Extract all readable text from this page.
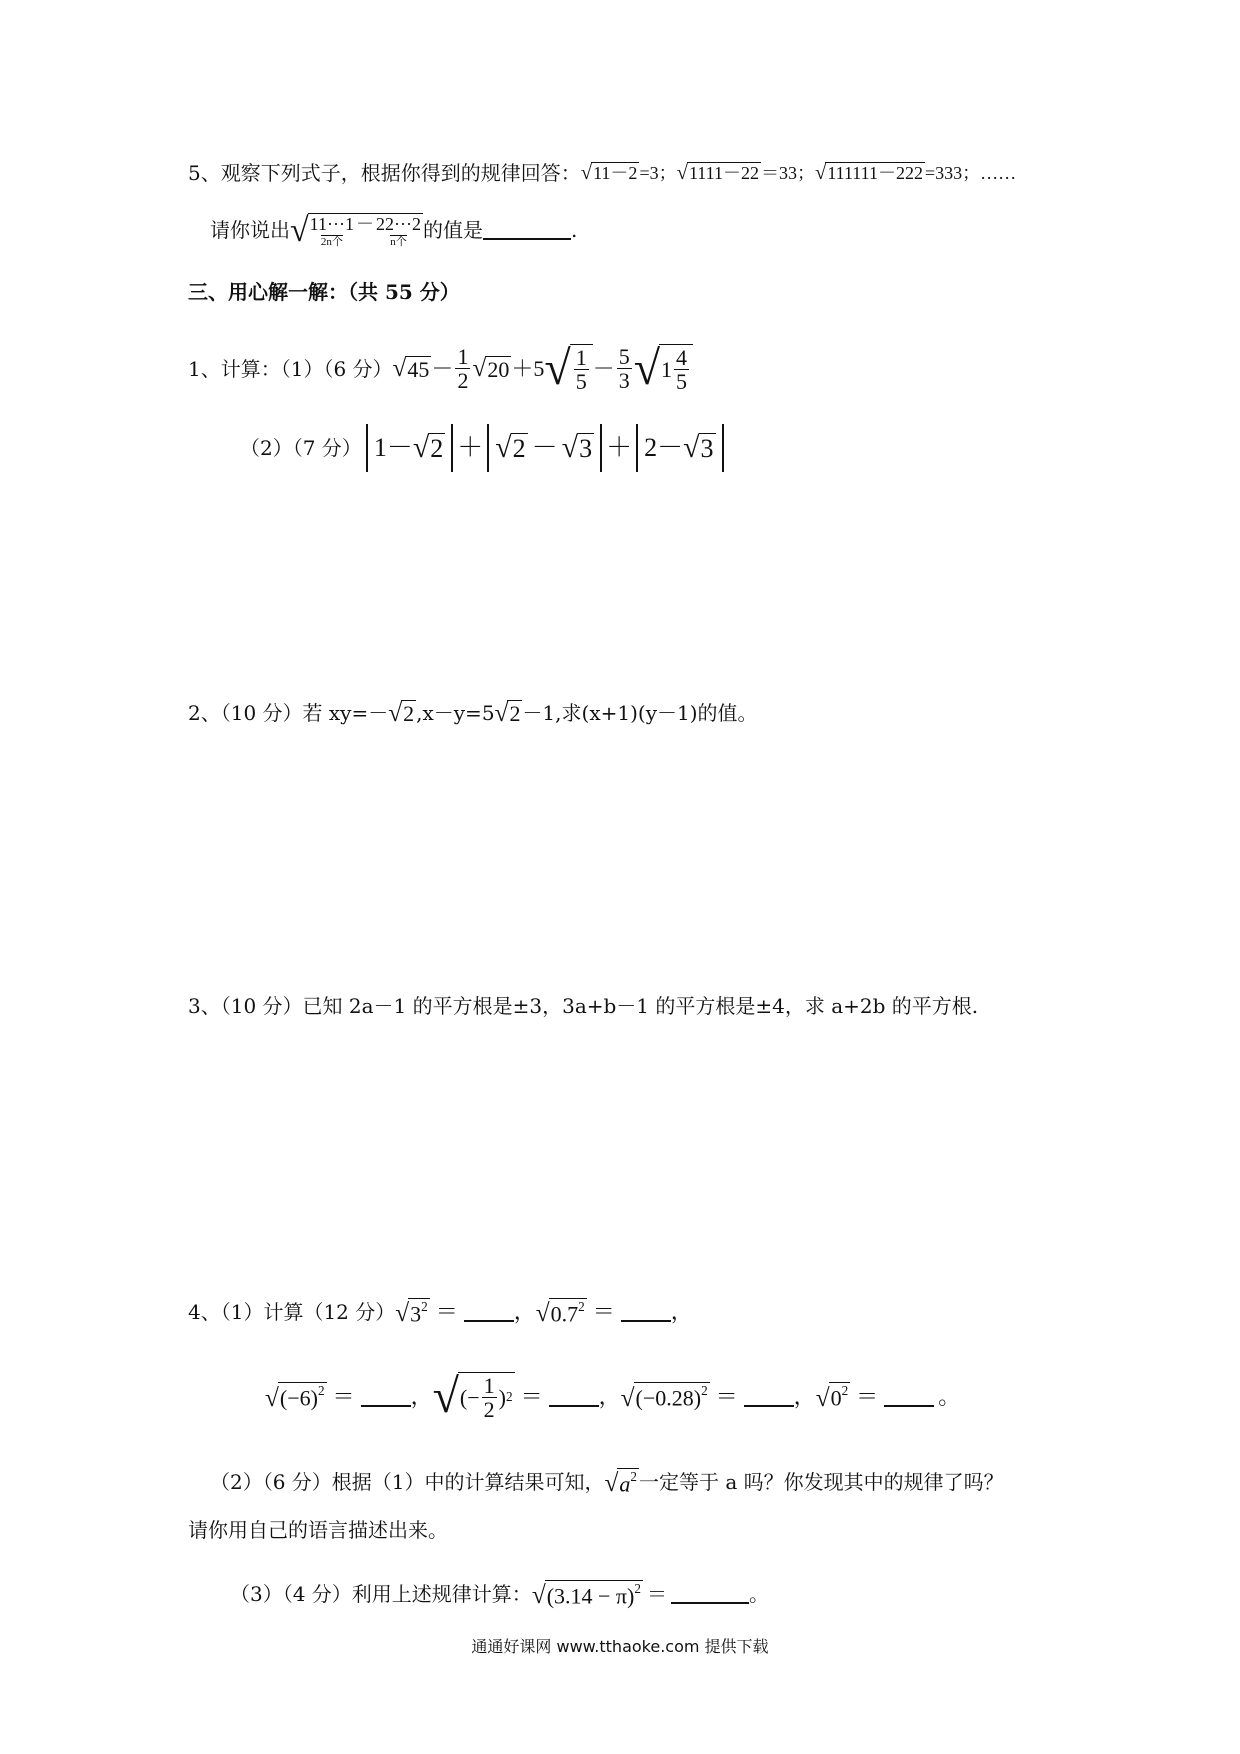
5、观察下列式子，根据你得到的规律回答： √ 11－2 =3； √ 1111－22 ＝33； √ 111111－222 =333；……
请你说出 √ 11···1
2n个
－ 22···2
n个 的值是	.
三、用心解一解：（共 55 分）
1、计算：（1）（6 分） √ $45 - \frac{1}{2}$ √ 20 ＋5 √ $\frac{1}{5} - \frac{5}{3}$ √ $1 \frac{4}{5}$
（2）（7 分） 1－ √ 2 ＋ √ 2 － √ 3 ＋ 2－ √ 3
2、（10 分）若 xy=－ √ 2 ,x－y=5 √ 2 －1,求(x+1)(y－1)的值。
3、（10 分）已知 2a－1 的平方根是±3，3a+b－1 的平方根是±4，求 a+2b 的平方根.
4、（1）计算（12 分） √ $3^2$ ＝	， √ $0.7^2$ ＝	，
√ $(-6)^2$ ＝	， √ (− $\frac{1}{2}$ ) 2 ＝	， √ $(-0.28)^2$ ＝	， √ $0^2$ ＝	。
（2）（6 分）根据（1）中的计算结果可知， √ $a^2$ 一定等于 a 吗？你发现其中的规律了吗？
请你用自己的语言描述出来。
（3）（4 分）利用上述规律计算： √ $(3.14 - \pi)^2$ ＝	。
通通好课网 www.tthaoke.com 提供下载
